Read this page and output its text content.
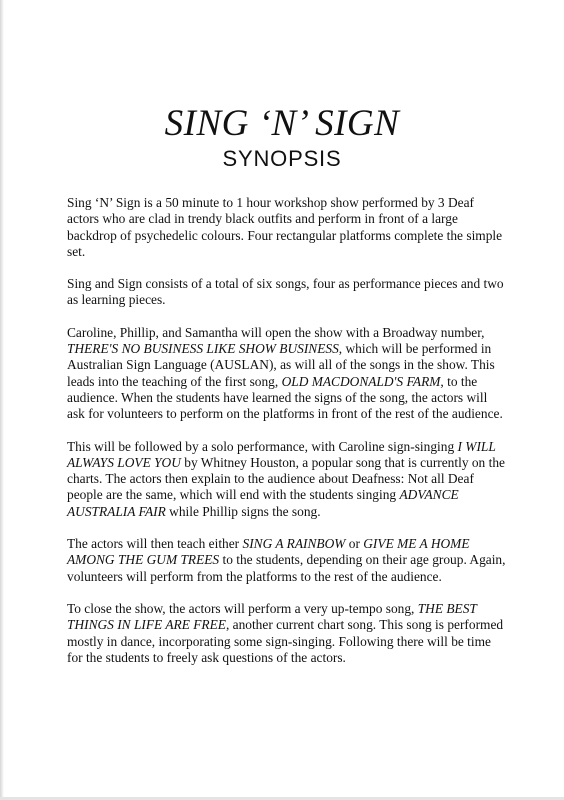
SING ‘N’ SIGN
SYNOPSIS

Sing ‘N’ Sign is a 50 minute to 1 hour workshop show performed by 3 Deaf actors who are clad in trendy black outfits and perform in front of a large backdrop of psychedelic colours. Four rectangular platforms complete the simple set.

Sing and Sign consists of a total of six songs, four as performance pieces and two as learning pieces.

Caroline, Phillip, and Samantha will open the show with a Broadway number, THERE'S NO BUSINESS LIKE SHOW BUSINESS, which will be performed in Australian Sign Language (AUSLAN), as will all of the songs in the show. This leads into the teaching of the first song, OLD MACDONALD'S FARM, to the audience. When the students have learned the signs of the song, the actors will ask for volunteers to perform on the platforms in front of the rest of the audience.

This will be followed by a solo performance, with Caroline sign-singing I WILL ALWAYS LOVE YOU by Whitney Houston, a popular song that is currently on the charts. The actors then explain to the audience about Deafness: Not all Deaf people are the same, which will end with the students singing ADVANCE AUSTRALIA FAIR while Phillip signs the song.

The actors will then teach either SING A RAINBOW or GIVE ME A HOME AMONG THE GUM TREES to the students, depending on their age group. Again, volunteers will perform from the platforms to the rest of the audience.

To close the show, the actors will perform a very up-tempo song, THE BEST THINGS IN LIFE ARE FREE, another current chart song. This song is performed mostly in dance, incorporating some sign-singing. Following there will be time for the students to freely ask questions of the actors.
